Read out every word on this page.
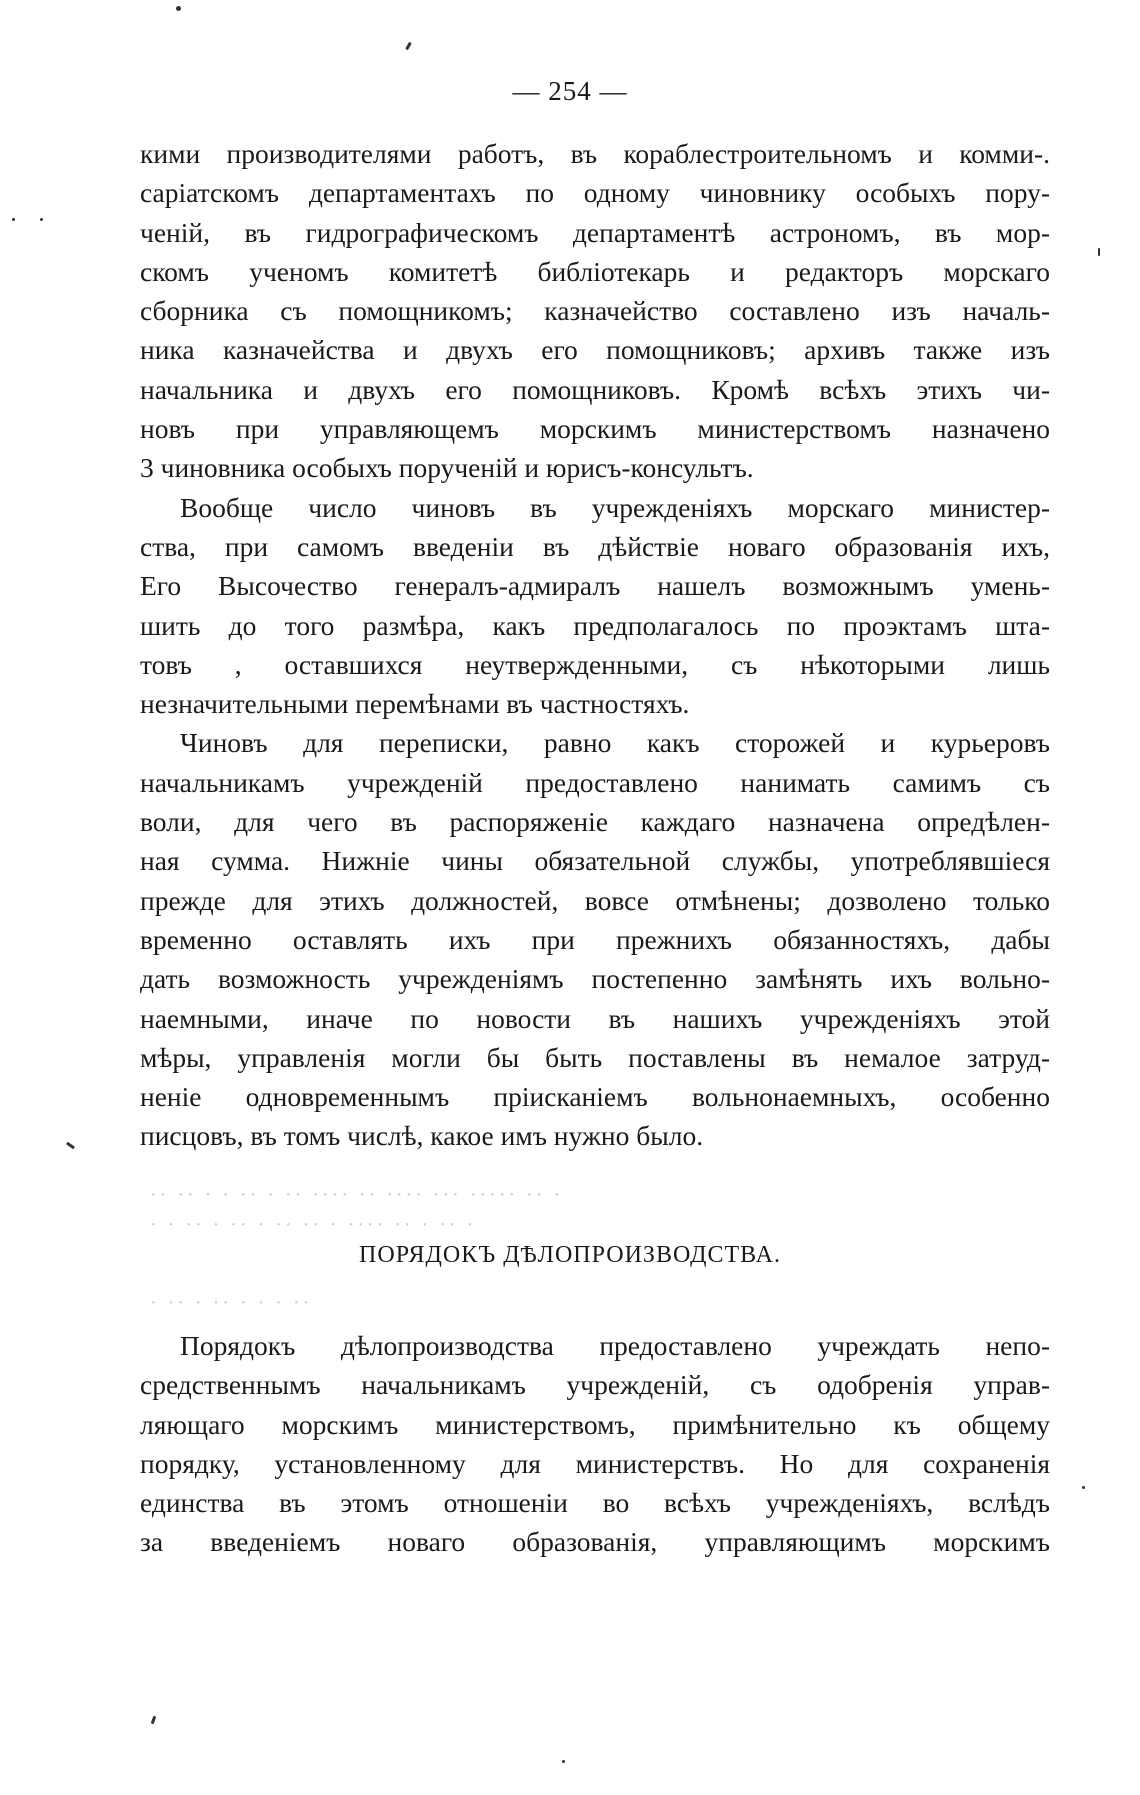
— 254 —
кими производителями работъ, въ кораблестроительномъ и комми-.
саріатскомъ департаментахъ по одному чиновнику особыхъ пору-
ченій, въ гидрографическомъ департаментѣ астрономъ, въ мор-
скомъ ученомъ комитетѣ библіотекарь и редакторъ морскаго
сборника съ помощникомъ; казначейство составлено изъ началь-
ника казначейства и двухъ его помощниковъ; архивъ также изъ
начальника и двухъ его помощниковъ. Кромѣ всѣхъ этихъ чи-
новъ при управляющемъ морскимъ министерствомъ назначено
3 чиновника особыхъ порученій и юрисъ-консультъ.
Вообще число чиновъ въ учрежденіяхъ морскаго министер-
ства, при самомъ введеніи въ дѣйствіе новаго образованія ихъ,
Его Высочество генералъ-адмиралъ нашелъ возможнымъ умень-
шить до того размѣра, какъ предполагалось по проэктамъ шта-
товъ , оставшихся неутвержденными, съ нѣкоторыми лишь
незначительными перемѣнами въ частностяхъ.
Чиновъ для переписки, равно какъ сторожей и курьеровъ
начальникамъ учрежденій предоставлено нанимать самимъ съ
воли, для чего въ распоряженіе каждаго назначена опредѣлен-
ная сумма. Нижніе чины обязательной службы, употреблявшіеся
прежде для этихъ должностей, вовсе отмѣнены; дозволено только
временно оставлять ихъ при прежнихъ обязанностяхъ, дабы
дать возможность учрежденіямъ постепенно замѣнять ихъ вольно-
наемными, иначе по новости въ нашихъ учрежденіяхъ этой
мѣры, управленія могли бы быть поставлены въ немалое затруд-
неніе одновременнымъ пріисканіемъ вольнонаемныхъ, особенно
писцовъ, въ томъ числѣ, какое имъ нужно было.
·· ·· · · ·· · ·· ···· ·· ···· ··· ····· ·· ·
· · ·· · ·· · ·· ·· · ···· ·· · ·· ·
· ·· · ·· · · · ··
ПОРЯДОКЪ ДѢЛОПРОИЗВОДСТВА.
Порядокъ дѣлопроизводства предоставлено учреждать непо-
средственнымъ начальникамъ учрежденій, съ одобренія управ-
ляющаго морскимъ министерствомъ, примѣнительно къ общему
порядку, установленному для министерствъ. Но для сохраненія
единства въ этомъ отношеніи во всѣхъ учрежденіяхъ, вслѣдъ
за введеніемъ новаго образованія, управляющимъ морскимъ
